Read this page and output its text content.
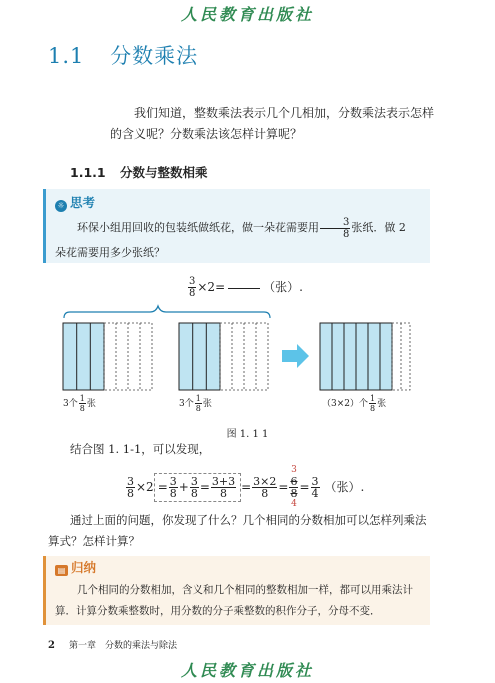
人民教育出版社
1.1 分数乘法
我们知道，整数乘法表示几个几相加，分数乘法表示怎样的含义呢？分数乘法该怎样计算呢？
1.1.1 分数与整数相乘
☼ 思考
环保小组用回收的包装纸做纸花，做一朵花需要用 $\frac{3}{8}$ 张纸．做 2 朵花需要用多少张纸？
$\frac{3}{8} \times 2=$	（张）.
3个 $\frac{1}{8}$ 张	3个 $\frac{1}{8}$ 张	（3×2）个 $\frac{1}{8}$ 张
图 1. 1 1
结合图 1. 1-1，可以发现，
$\frac{3}{8} \times 2 = \frac{3}{8} + \frac{3}{8} = \frac{3+3}{8} = \frac{3\times 2}{8}$ =
3
6
8
4
= $\frac{3}{4}$ （张）.
通过上面的问题，你发现了什么？几个相同的分数相加可以怎样列乘法算式？怎样计算？
▤ 归纳
几个相同的分数相加，含义和几个相同的整数相加一样，都可以用乘法计算．计算分数乘整数时，用分数的分子乘整数的积作分子，分母不变．
2 第一章　分数的乘法与除法
人民教育出版社
